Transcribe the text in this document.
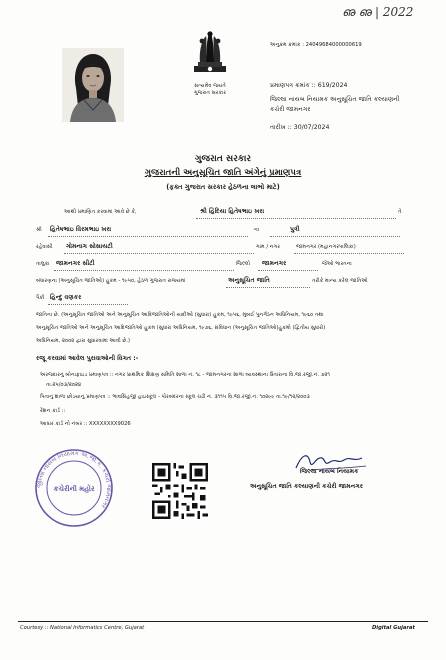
ഌ ഌ | 2022
સત્યમેવ જયતે
ગુજરાત સરકાર
અનુક્રમ ક્રમાંક : 24049684000000619
પ્રમાણપત્ર ક્રમાંક :: 619/2024
જિલ્લા નાયબ નિયામક અનુસૂચિત જાતિ કલ્યાણની
કચેરી જામનગર
તારીખ :: 30/07/2024
ગુજરાત સરકાર
ગુજરાતની અનુસૂચિત જાતિ અંગેનું પ્રમાણપત્ર
(ફક્ત ગુજરાત સરકાર હેઠળના લાભો માટે)
આથી પ્રમાણિત કરવામાં આવે છે કે,	શ્રી હિંદિયા હિતેષભાઇ ખરા	તે
શ્રી હિતેષભાઇ વિરમભાઇ ખરા	ના	પુત્રી
રહેવાસી ગોમનાગ સોસાયટી	ગામ / નગર	જામનગર (મહાનગરપાલિકા)
તાલુકા જામનગર સીટી	જિલ્લો જામનગર	જેઓ ભારતના
બંધારણના (અનુસૂચિત જાતિઓ) હુકમ - ૧૯૫૦, હેઠળ ગુજરાત રાજ્યમાં	અનુસૂચિત જાતિ	તરીકે માન્ય કરેલ જાતિઓ
પૈકી હિન્દુ વણકર
જાતિના છે. (અનુસૂચિત જાતિઓ અને અનુસૂચિત આદિજાતિઓની યાદીઓ (સુધારા) હુકમ, ૧૯૫૬, મુંબઈ પુનર્ગઠન અધિનિયમ, ૧૯૬૦ તથા
અનુસૂચિત જાતિઓ અને અનુસૂચિત આદિજાતિઓ હુકમ (સુધારા અધિનિયમ, ૧૯૭૬, સંવિધાન (અનુસૂચિત જાતિઓ)હુકમો (દ્વિતીય સુધારો)
અધિનિયમ, ૨૦૦૨ દ્વારા સુધારવામાં આવી છે.)
રજૂ કરવામાં આવેલ પુરાવાઓની વિગત :-
અરજદારનું બોનાફાઇડ પ્રમાણપત્ર :: નગર પ્રાથમિક શિક્ષણ સમિતિ શાળા નં. ૧૮ - જામનગરના શાળા વ્યવસ્થાના ઉતારાના વિ.જા.રજી.નં. ૭૨૧
તા.૨૫/૦૩/૨૦૨૪
પિતાનું શાળા છોડયાનું પ્રમાણપત્ર :: ભાવસિંહજી હાઇસ્કૂલ - પોરબંદરના સ્કૂલ ચઢી નં. ૩૧૧૫ વિ.જા.રજી.નં. ૧૦૨૯૯ તા.૧૯/૧૨/૨૦૦૩
રેશન કાર્ડ ::
આધાર કાર્ડ નો નંબર :: XXXXXXXX9026
જીલ્લા નાયબ નિયામક અ.જા.ક. કચેરી જામનગર
કચેરીની મહોર
જિલ્લા નાયબ નિયામક
અનુસૂચિત જાતિ કલ્યાણની કચેરી જામનગર
Courtesy :: National Informatics Centre, Gujarat	Digital Gujarat
